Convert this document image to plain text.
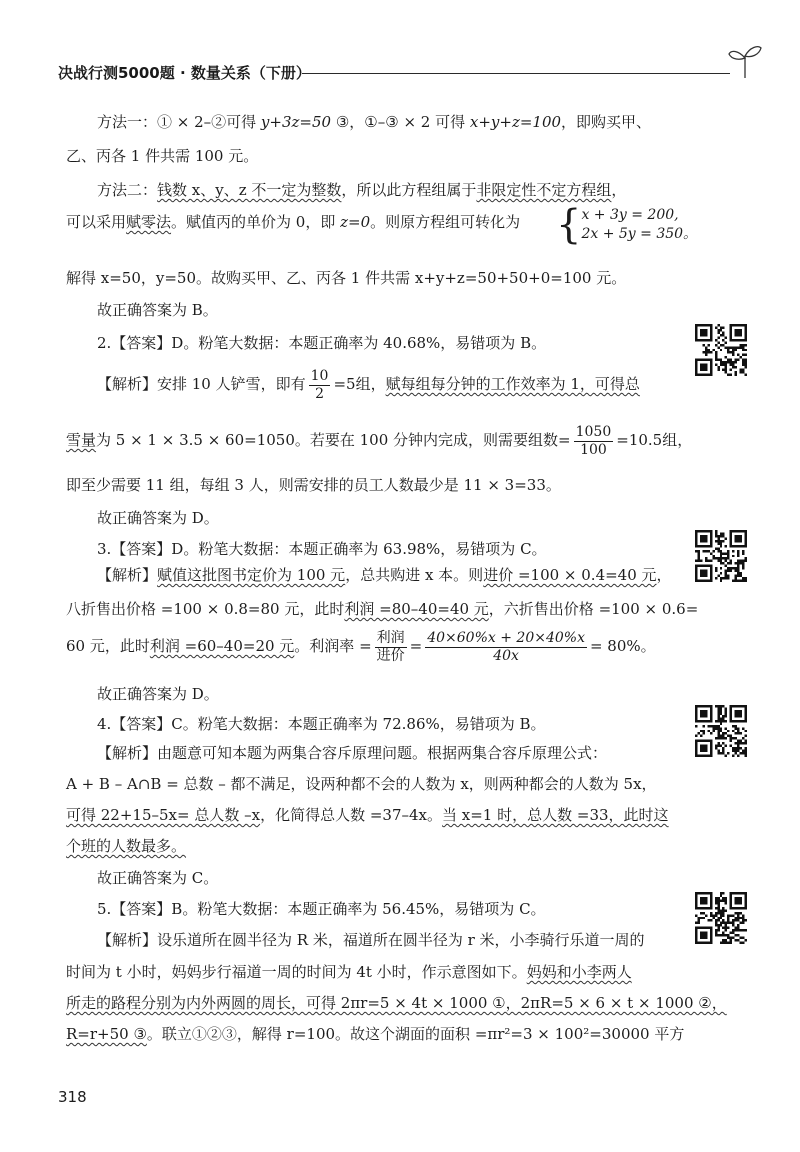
决战行测5000题 · 数量关系（下册）
方法一：① × 2–②可得 y+3z=50 ③，①–③ × 2 可得 x+y+z=100，即购买甲、
乙、丙各 1 件共需 100 元。
方法二：钱数 x、y、z 不一定为整数，所以此方程组属于非限定性不定方程组，
可以采用赋零法。赋值丙的单价为 0，即 z=0。则原方程组可转化为 { x + 3y = 200,
2x + 5y = 350。
解得 x=50，y=50。故购买甲、乙、丙各 1 件共需 x+y+z=50+50+0=100 元。
故正确答案为 B。
2.【答案】D。粉笔大数据：本题正确率为 40.68%，易错项为 B。
【解析】安排 10 人铲雪，即有 $\frac{10}{2} =5$组，赋每组每分钟的工作效率为 1，可得总
雪量为 5 × 1 × 3.5 × 60=1050。若要在 100 分钟内完成，则需要组数= $\frac{1050}{100} =10.5$组，
即至少需要 11 组，每组 3 人，则需安排的员工人数最少是 11 × 3=33。
故正确答案为 D。
3.【答案】D。粉笔大数据：本题正确率为 63.98%，易错项为 C。
【解析】赋值这批图书定价为 100 元，总共购进 x 本。则进价 =100 × 0.4=40 元，
八折售出价格 =100 × 0.8=80 元，此时利润 =80–40=40 元，六折售出价格 =100 × 0.6=
60 元，此时利润 =60–40=20 元。利润率 = $\frac{\text{利润}}{\text{进价}} = \frac{40\times 60\%x + 20\times 40\%x}{40x} = 80\%$。
故正确答案为 D。
4.【答案】C。粉笔大数据：本题正确率为 72.86%，易错项为 B。
【解析】由题意可知本题为两集合容斥原理问题。根据两集合容斥原理公式：
A + B – A∩B = 总数 – 都不满足，设两种都不会的人数为 x，则两种都会的人数为 5x，
可得 22+15–5x= 总人数 –x，化简得总人数 =37–4x。当 x=1 时，总人数 =33，此时这
个班的人数最多。
故正确答案为 C。
5.【答案】B。粉笔大数据：本题正确率为 56.45%，易错项为 C。
【解析】设乐道所在圆半径为 R 米，福道所在圆半径为 r 米，小李骑行乐道一周的
时间为 t 小时，妈妈步行福道一周的时间为 4t 小时，作示意图如下。妈妈和小李两人
所走的路程分别为内外两圆的周长，可得 2πr=5 × 4t × 1000 ①，2πR=5 × 6 × t × 1000 ②，
R=r+50 ③。联立①②③，解得 r=100。故这个湖面的面积 =πr²=3 × 100²=30000 平方
318
